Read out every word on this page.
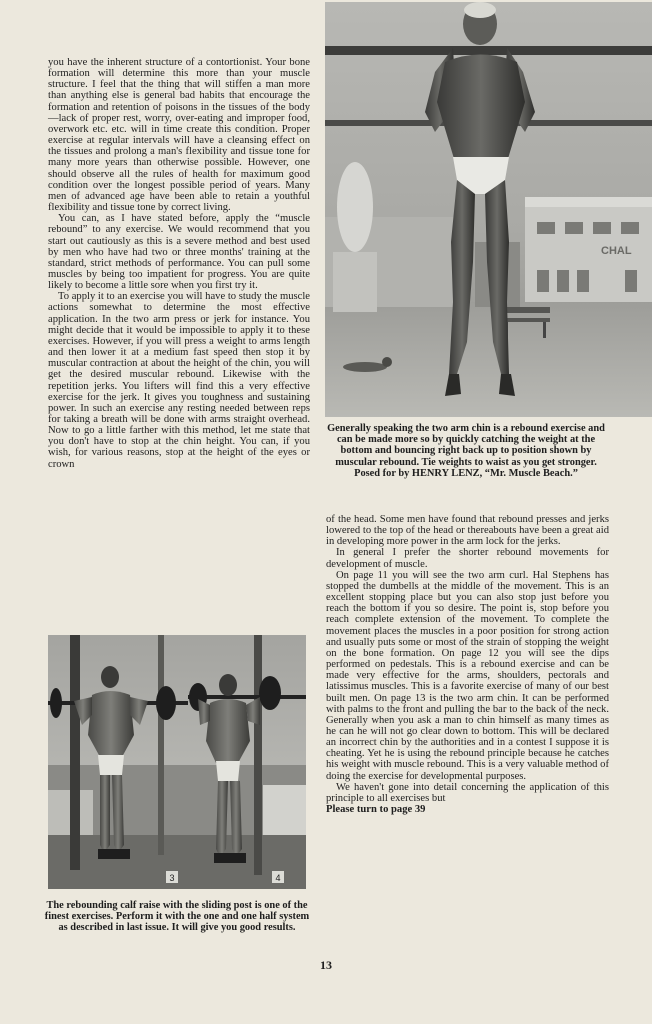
you have the inherent structure of a contortionist. Your bone formation will determine this more than your muscle structure. I feel that the thing that will stiffen a man more than anything else is general bad habits that encourage the formation and retention of poisons in the tissues of the body—lack of proper rest, worry, over-eating and improper food, overwork etc. etc. will in time create this condition. Proper exercise at regular intervals will have a cleansing effect on the tissues and prolong a man's flexibility and tissue tone for many more years than otherwise possible. However, one should observe all the rules of health for maximum good condition over the longest possible period of years. Many men of advanced age have been able to retain a youthful flexibility and tissue tone by correct living.

You can, as I have stated before, apply the “muscle rebound” to any exercise. We would recommend that you start out cautiously as this is a severe method and best used by men who have had two or three months' training at the standard, strict methods of performance. You can pull some muscles by being too impatient for progress. You are quite likely to become a little sore when you first try it.

To apply it to an exercise you will have to study the muscle actions somewhat to determine the most effective application. In the two arm press or jerk for instance. You might decide that it would be impossible to apply it to these exercises. However, if you will press a weight to arms length and then lower it at a medium fast speed then stop it by muscular contraction at about the height of the chin, you will get the desired muscular rebound. Likewise with the repetition jerks. You lifters will find this a very effective exercise for the jerk. It gives you toughness and sustaining power. In such an exercise any resting needed between reps for taking a breath will be done with arms straight overhead. Now to go a little farther with this method, let me state that you don't have to stop at the chin height. You can, if you wish, for various reasons, stop at the height of the eyes or crown

CHAL
Generally speaking the two arm chin is a rebound exercise and can be made more so by quickly catching the weight at the bottom and bouncing right back up to position shown by muscular rebound. Tie weights to waist as you get stronger. Posed for by HENRY LENZ, “Mr. Muscle Beach.”

of the head. Some men have found that rebound presses and jerks lowered to the top of the head or thereabouts have been a great aid in developing more power in the arm lock for the jerks.

In general I prefer the shorter rebound movements for development of muscle.

On page 11 you will see the two arm curl. Hal Stephens has stopped the dumbells at the middle of the movement. This is an excellent stopping place but you can also stop just before you reach the bottom if you so desire. The point is, stop before you reach complete extension of the movement. To complete the movement places the muscles in a poor position for strong action and usually puts some or most of the strain of stopping the weight on the bone formation. On page 12 you will see the dips performed on pedestals. This is a rebound exercise and can be made very effective for the arms, shoulders, pectorals and latissimus muscles. This is a favorite exercise of many of our best built men. On page 13 is the two arm chin. It can be performed with palms to the front and pulling the bar to the back of the neck. Generally when you ask a man to chin himself as many times as he can he will not go clear down to bottom. This will be declared an incorrect chin by the authorities and in a contest I suppose it is cheating. Yet he is using the rebound principle because he catches his weight with muscle rebound. This is a very valuable method of doing the exercise for developmental purposes.

We haven't gone into detail concerning the application of this principle to all exercises but
Please turn to page 39

3	4
The rebounding calf raise with the sliding post is one of the finest exercises. Perform it with the one and one half system as described in last issue. It will give you good results.
13
